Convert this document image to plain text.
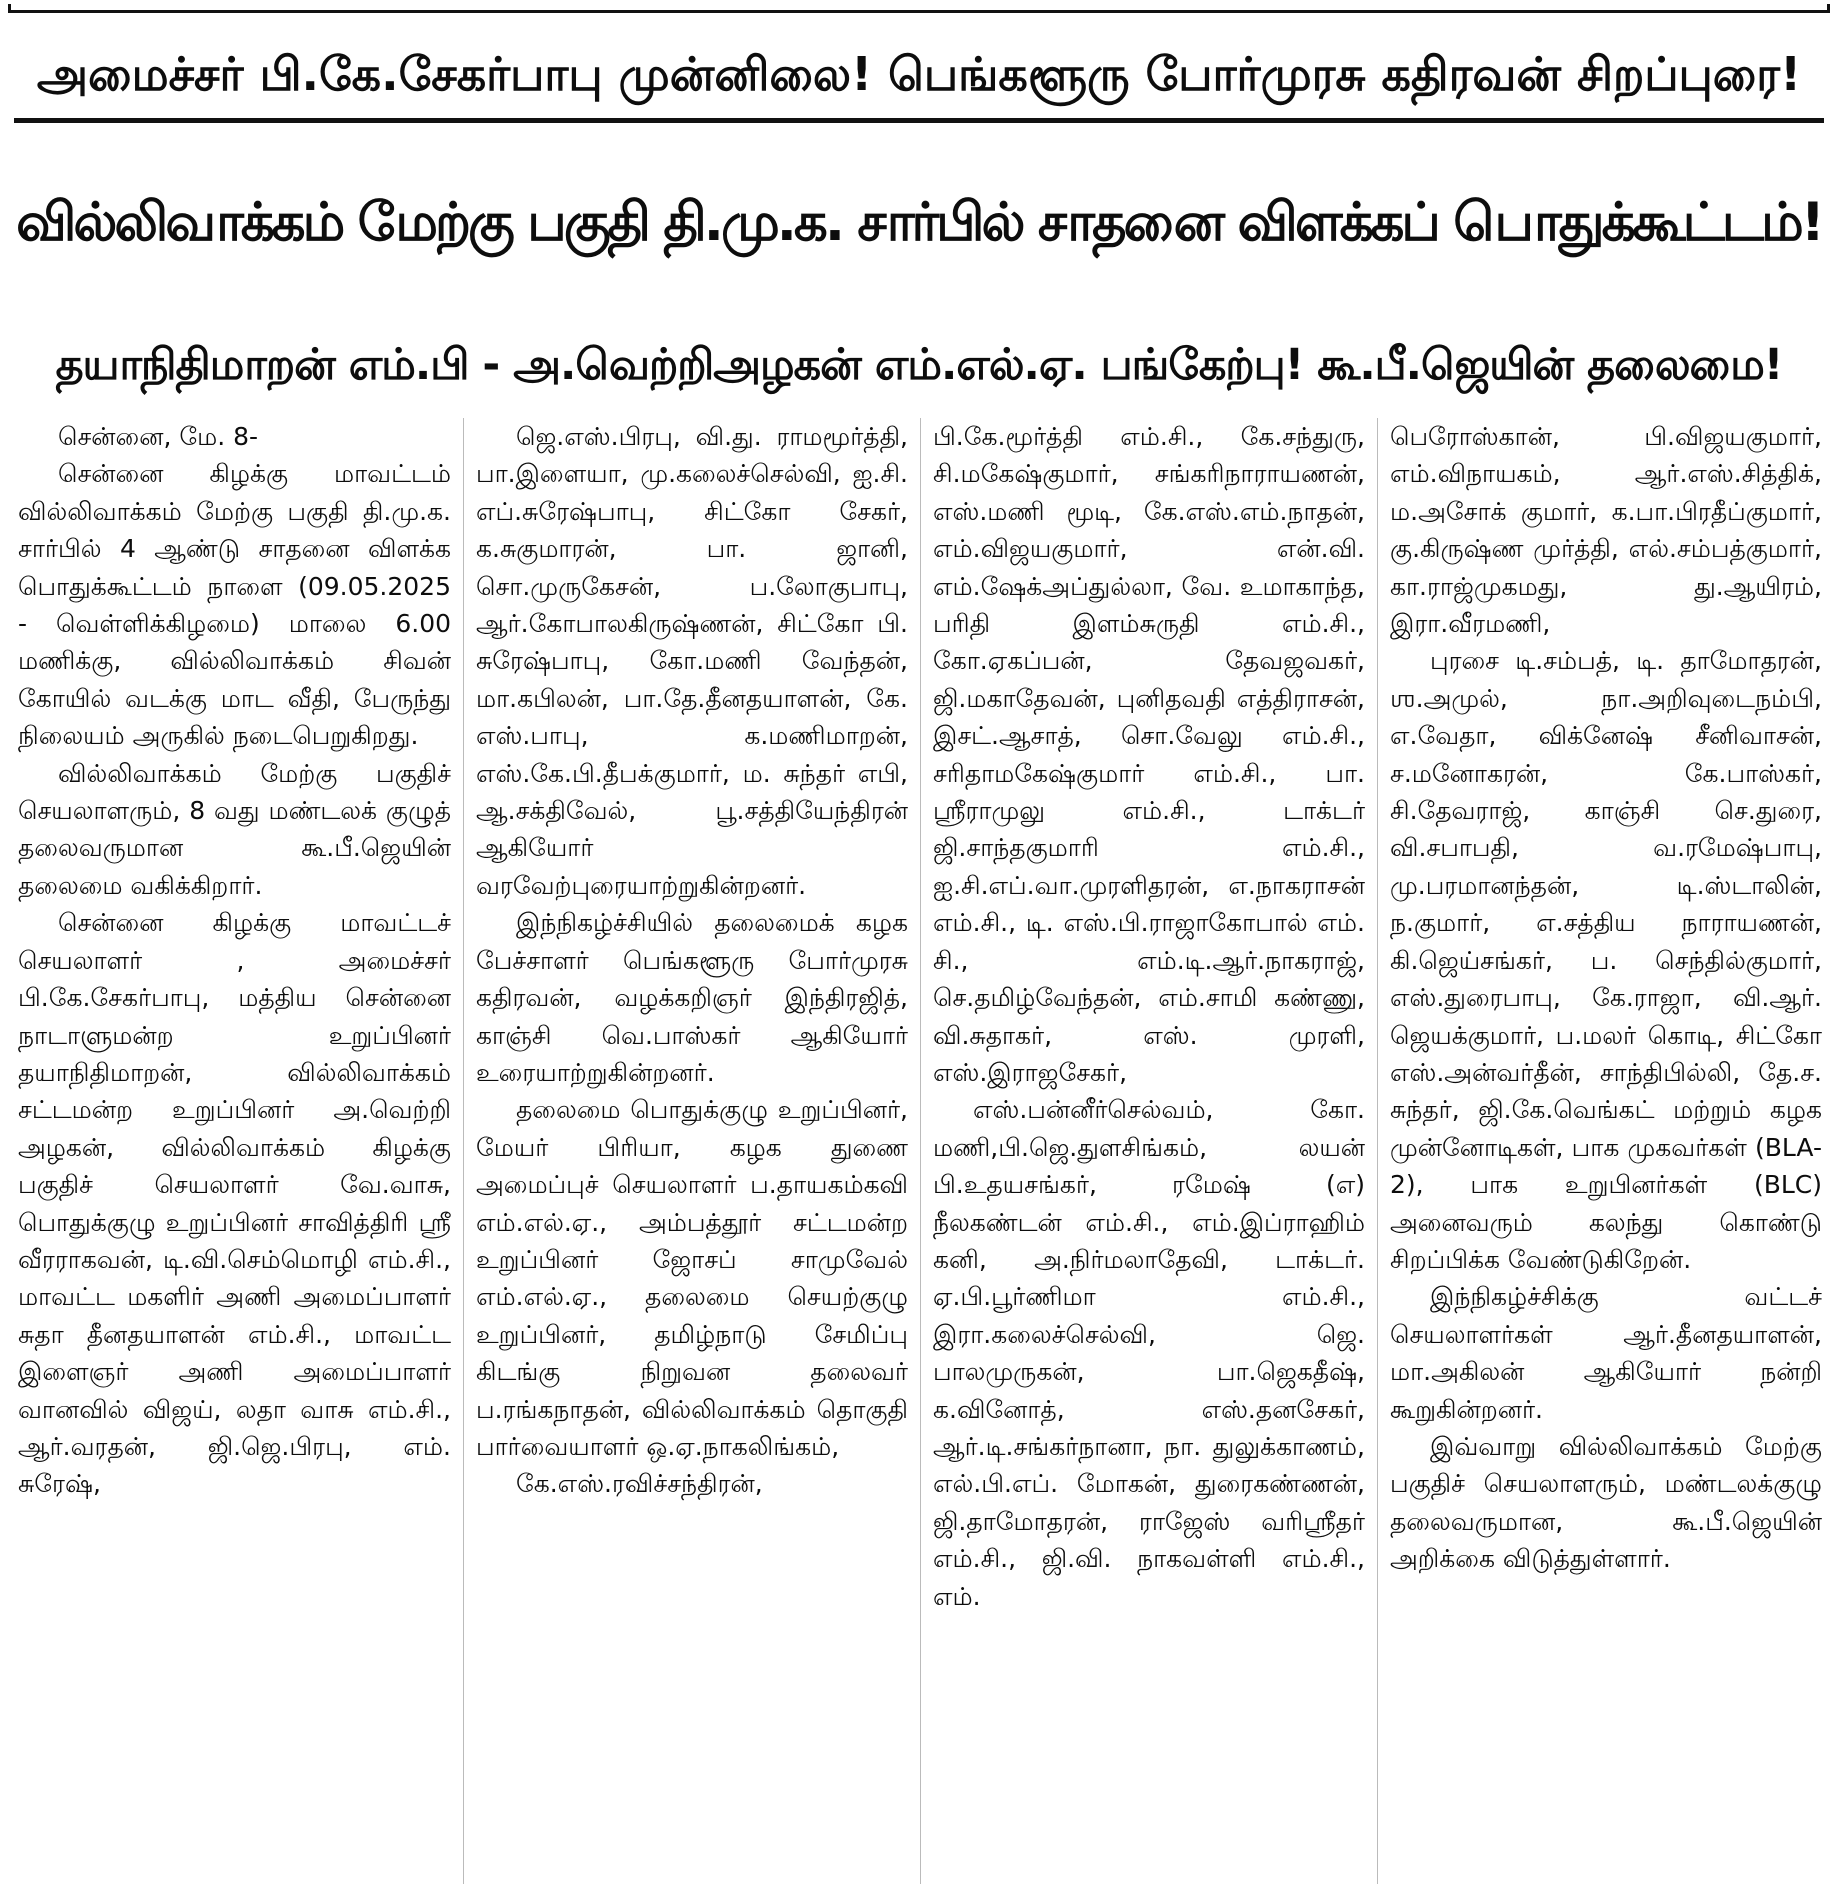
அமைச்சர் பி.கே.சேகர்பாபு முன்னிலை! பெங்களூரு போர்முரசு கதிரவன் சிறப்புரை!
வில்லிவாக்கம் மேற்கு பகுதி தி.மு.க. சார்பில் சாதனை விளக்கப் பொதுக்கூட்டம்!
தயாநிதிமாறன் எம்.பி - அ.வெற்றிஅழகன் எம்.எல்.ஏ. பங்கேற்பு! கூ.பீ.ஜெயின் தலைமை!

சென்னை, மே. 8-

சென்னை கிழக்கு மாவட்டம் வில்லிவாக்கம் மேற்கு பகுதி தி.மு.க. சார்பில் 4 ஆண்டு சாதனை விளக்க பொதுக்கூட்டம் நாளை (09.05.2025 - வெள்ளிக்கிழமை) மாலை 6.00 மணிக்கு, வில்லிவாக்கம் சிவன் கோயில் வடக்கு மாட வீதி, பேருந்து நிலையம் அருகில் நடைபெறுகிறது.

வில்லிவாக்கம் மேற்கு பகுதிச் செயலாளரும், 8 வது மண்டலக் குழுத் தலைவருமான கூ.பீ.ஜெயின் தலைமை வகிக்கிறார்.

சென்னை கிழக்கு மாவட்டச் செயலாளர் , அமைச்சர் பி.கே.சேகர்பாபு, மத்திய சென்னை நாடாளுமன்ற உறுப்பினர் தயாநிதிமாறன், வில்லிவாக்கம் சட்டமன்ற உறுப்பினர் அ.வெற்றி அழகன், வில்லிவாக்கம் கிழக்கு பகுதிச் செயலாளர் வே.வாசு, பொதுக்குழு உறுப்பினர் சாவித்திரி ஸ்ரீ வீரராகவன், டி.வி.செம்மொழி எம்.சி., மாவட்ட மகளிர் அணி அமைப்பாளர் சுதா தீனதயாளன் எம்.சி., மாவட்ட இளைஞர் அணி அமைப்பாளர் வானவில் விஜய், லதா வாசு எம்.சி., ஆர்.வரதன், ஜி.ஜெ.பிரபு, எம். சுரேஷ்,

ஜெ.எஸ்.பிரபு, வி.து. ராமமூர்த்தி, பா.இளையா, மு.கலைச்செல்வி, ஐ.சி. எப்.சுரேஷ்பாபு, சிட்கோ சேகர், க.சுகுமாரன், பா. ஜானி, சொ.முருகேசன், ப.லோகுபாபு, ஆர்.கோபாலகிருஷ்ணன், சிட்கோ பி. சுரேஷ்பாபு, கோ.மணி வேந்தன், மா.கபிலன், பா.தே.தீனதயாளன், கே. எஸ்.பாபு, க.மணிமாறன், எஸ்.கே.பி.தீபக்குமார், ம. சுந்தர் எபி, ஆ.சக்திவேல், பூ.சத்தியேந்திரன் ஆகியோர் வரவேற்புரையாற்றுகின்றனர்.

இந்நிகழ்ச்சியில் தலைமைக் கழக பேச்சாளர் பெங்களூரு போர்முரசு கதிரவன், வழக்கறிஞர் இந்திரஜித், காஞ்சி வெ.பாஸ்கர் ஆகியோர் உரையாற்றுகின்றனர்.

தலைமை பொதுக்குழு உறுப்பினர், மேயர் பிரியா, கழக துணை அமைப்புச் செயலாளர் ப.தாயகம்கவி எம்.எல்.ஏ., அம்பத்தூர் சட்டமன்ற உறுப்பினர் ஜோசப் சாமுவேல் எம்.எல்.ஏ., தலைமை செயற்குழு உறுப்பினர், தமிழ்நாடு சேமிப்பு கிடங்கு நிறுவன தலைவர் ப.ரங்கநாதன், வில்லிவாக்கம் தொகுதி பார்வையாளர் ஒ.ஏ.நாகலிங்கம்,

கே.எஸ்.ரவிச்சந்திரன்,

பி.கே.மூர்த்தி எம்.சி., கே.சந்துரு, சி.மகேஷ்குமார், சங்கரிநாராயணன், எஸ்.மணி மூடி, கே.எஸ்.எம்.நாதன், எம்.விஜயகுமார், என்.வி. எம்.ஷேக்அப்துல்லா, வே. உமாகாந்த, பரிதி இளம்சுருதி எம்.சி., கோ.ஏகப்பன், தேவஜவகர், ஜி.மகாதேவன், புனிதவதி எத்திராசன், இசட்.ஆசாத், சொ.வேலு எம்.சி., சரிதாமகேஷ்குமார் எம்.சி., பா. ஸ்ரீராமுலு எம்.சி., டாக்டர் ஜி.சாந்தகுமாரி எம்.சி., ஐ.சி.எப்.வா.முரளிதரன், எ.நாகராசன் எம்.சி., டி. எஸ்.பி.ராஜாகோபால் எம். சி., எம்.டி.ஆர்.நாகராஜ், செ.தமிழ்வேந்தன், எம்.சாமி கண்ணு, வி.சுதாகர், எஸ். முரளி, எஸ்.இராஜசேகர்,

எஸ்.பன்னீர்செல்வம், கோ. மணி,பி.ஜெ.துளசிங்கம், லயன் பி.உதயசங்கர், ரமேஷ் (எ) நீலகண்டன் எம்.சி., எம்.இப்ராஹிம் கனி, அ.நிர்மலாதேவி, டாக்டர். ஏ.பி.பூர்ணிமா எம்.சி., இரா.கலைச்செல்வி, ஜெ. பாலமுருகன், பா.ஜெகதீஷ், க.வினோத், எஸ்.தனசேகர், ஆர்.டி.சங்கர்நானா, நா. துலுக்காணம், எல்.பி.எப். மோகன், துரைகண்ணன், ஜி.தாமோதரன், ராஜேஸ் வரிஸ்ரீதர் எம்.சி., ஜி.வி. நாகவள்ளி எம்.சி., எம்.

பெரோஸ்கான், பி.விஜயகுமார், எம்.விநாயகம், ஆர்.எஸ்.சித்திக், ம.அசோக் குமார், க.பா.பிரதீப்குமார், கு.கிருஷ்ண முர்த்தி, எல்.சம்பத்குமார், கா.ராஜ்முகமது, து.ஆயிரம், இரா.வீரமணி,

புரசை டி.சம்பத், டி. தாமோதரன், ஶ.அமுல், நா.அறிவுடைநம்பி, எ.வேதா, விக்னேஷ் சீனிவாசன், ச.மனோகரன், கே.பாஸ்கர், சி.தேவராஜ், காஞ்சி செ.துரை, வி.சபாபதி, வ.ரமேஷ்பாபு, மு.பரமானந்தன், டி.ஸ்டாலின், ந.குமார், எ.சத்திய நாராயணன், கி.ஜெய்சங்கர், ப. செந்தில்குமார், எஸ்.துரைபாபு, கே.ராஜா, வி.ஆர். ஜெயக்குமார், ப.மலர் கொடி, சிட்கோ எஸ்.அன்வர்தீன், சாந்திபில்லி, தே.ச. சுந்தர், ஜி.கே.வெங்கட் மற்றும் கழக முன்னோடிகள், பாக முகவர்கள் (BLA-2), பாக உறுபினர்கள் (BLC) அனைவரும் கலந்து கொண்டு சிறப்பிக்க வேண்டுகிறேன்.

இந்நிகழ்ச்சிக்கு வட்டச் செயலாளர்கள் ஆர்.தீனதயாளன், மா.அகிலன் ஆகியோர் நன்றி கூறுகின்றனர்.

இவ்வாறு வில்லிவாக்கம் மேற்கு பகுதிச் செயலாளரும், மண்டலக்குழு தலைவருமான, கூ.பீ.ஜெயின் அறிக்கை விடுத்துள்ளார்.
